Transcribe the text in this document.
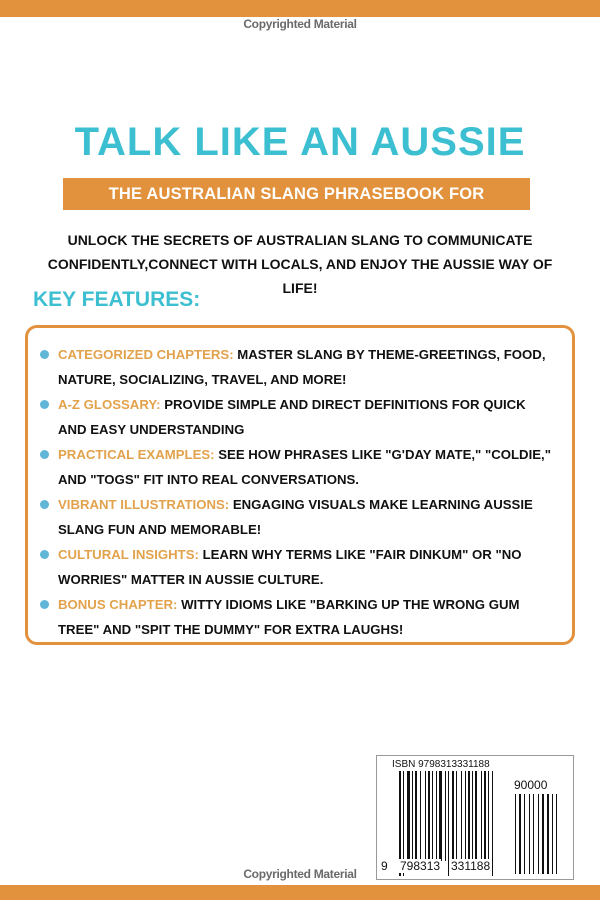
Copyrighted Material
TALK LIKE AN AUSSIE
THE AUSTRALIAN SLANG PHRASEBOOK FOR TRAVELERS
UNLOCK THE SECRETS OF AUSTRALIAN SLANG TO COMMUNICATE CONFIDENTLY,CONNECT WITH LOCALS, AND ENJOY THE AUSSIE WAY OF LIFE!
KEY FEATURES:
CATEGORIZED CHAPTERS: MASTER SLANG BY THEME-GREETINGS, FOOD, NATURE, SOCIALIZING, TRAVEL, AND MORE!
A-Z GLOSSARY: PROVIDE SIMPLE AND DIRECT DEFINITIONS FOR QUICK AND EASY UNDERSTANDING
PRACTICAL EXAMPLES: SEE HOW PHRASES LIKE "G'DAY MATE," "COLDIE," AND "TOGS" FIT INTO REAL CONVERSATIONS.
VIBRANT ILLUSTRATIONS: ENGAGING VISUALS MAKE LEARNING AUSSIE SLANG FUN AND MEMORABLE!
CULTURAL INSIGHTS: LEARN WHY TERMS LIKE "FAIR DINKUM" OR "NO WORRIES" MATTER IN AUSSIE CULTURE.
BONUS CHAPTER: WITTY IDIOMS LIKE "BARKING UP THE WRONG GUM TREE" AND "SPIT THE DUMMY" FOR EXTRA LAUGHS!
ISBN 9798313331188
90000
9 798313 331188
Copyrighted Material
